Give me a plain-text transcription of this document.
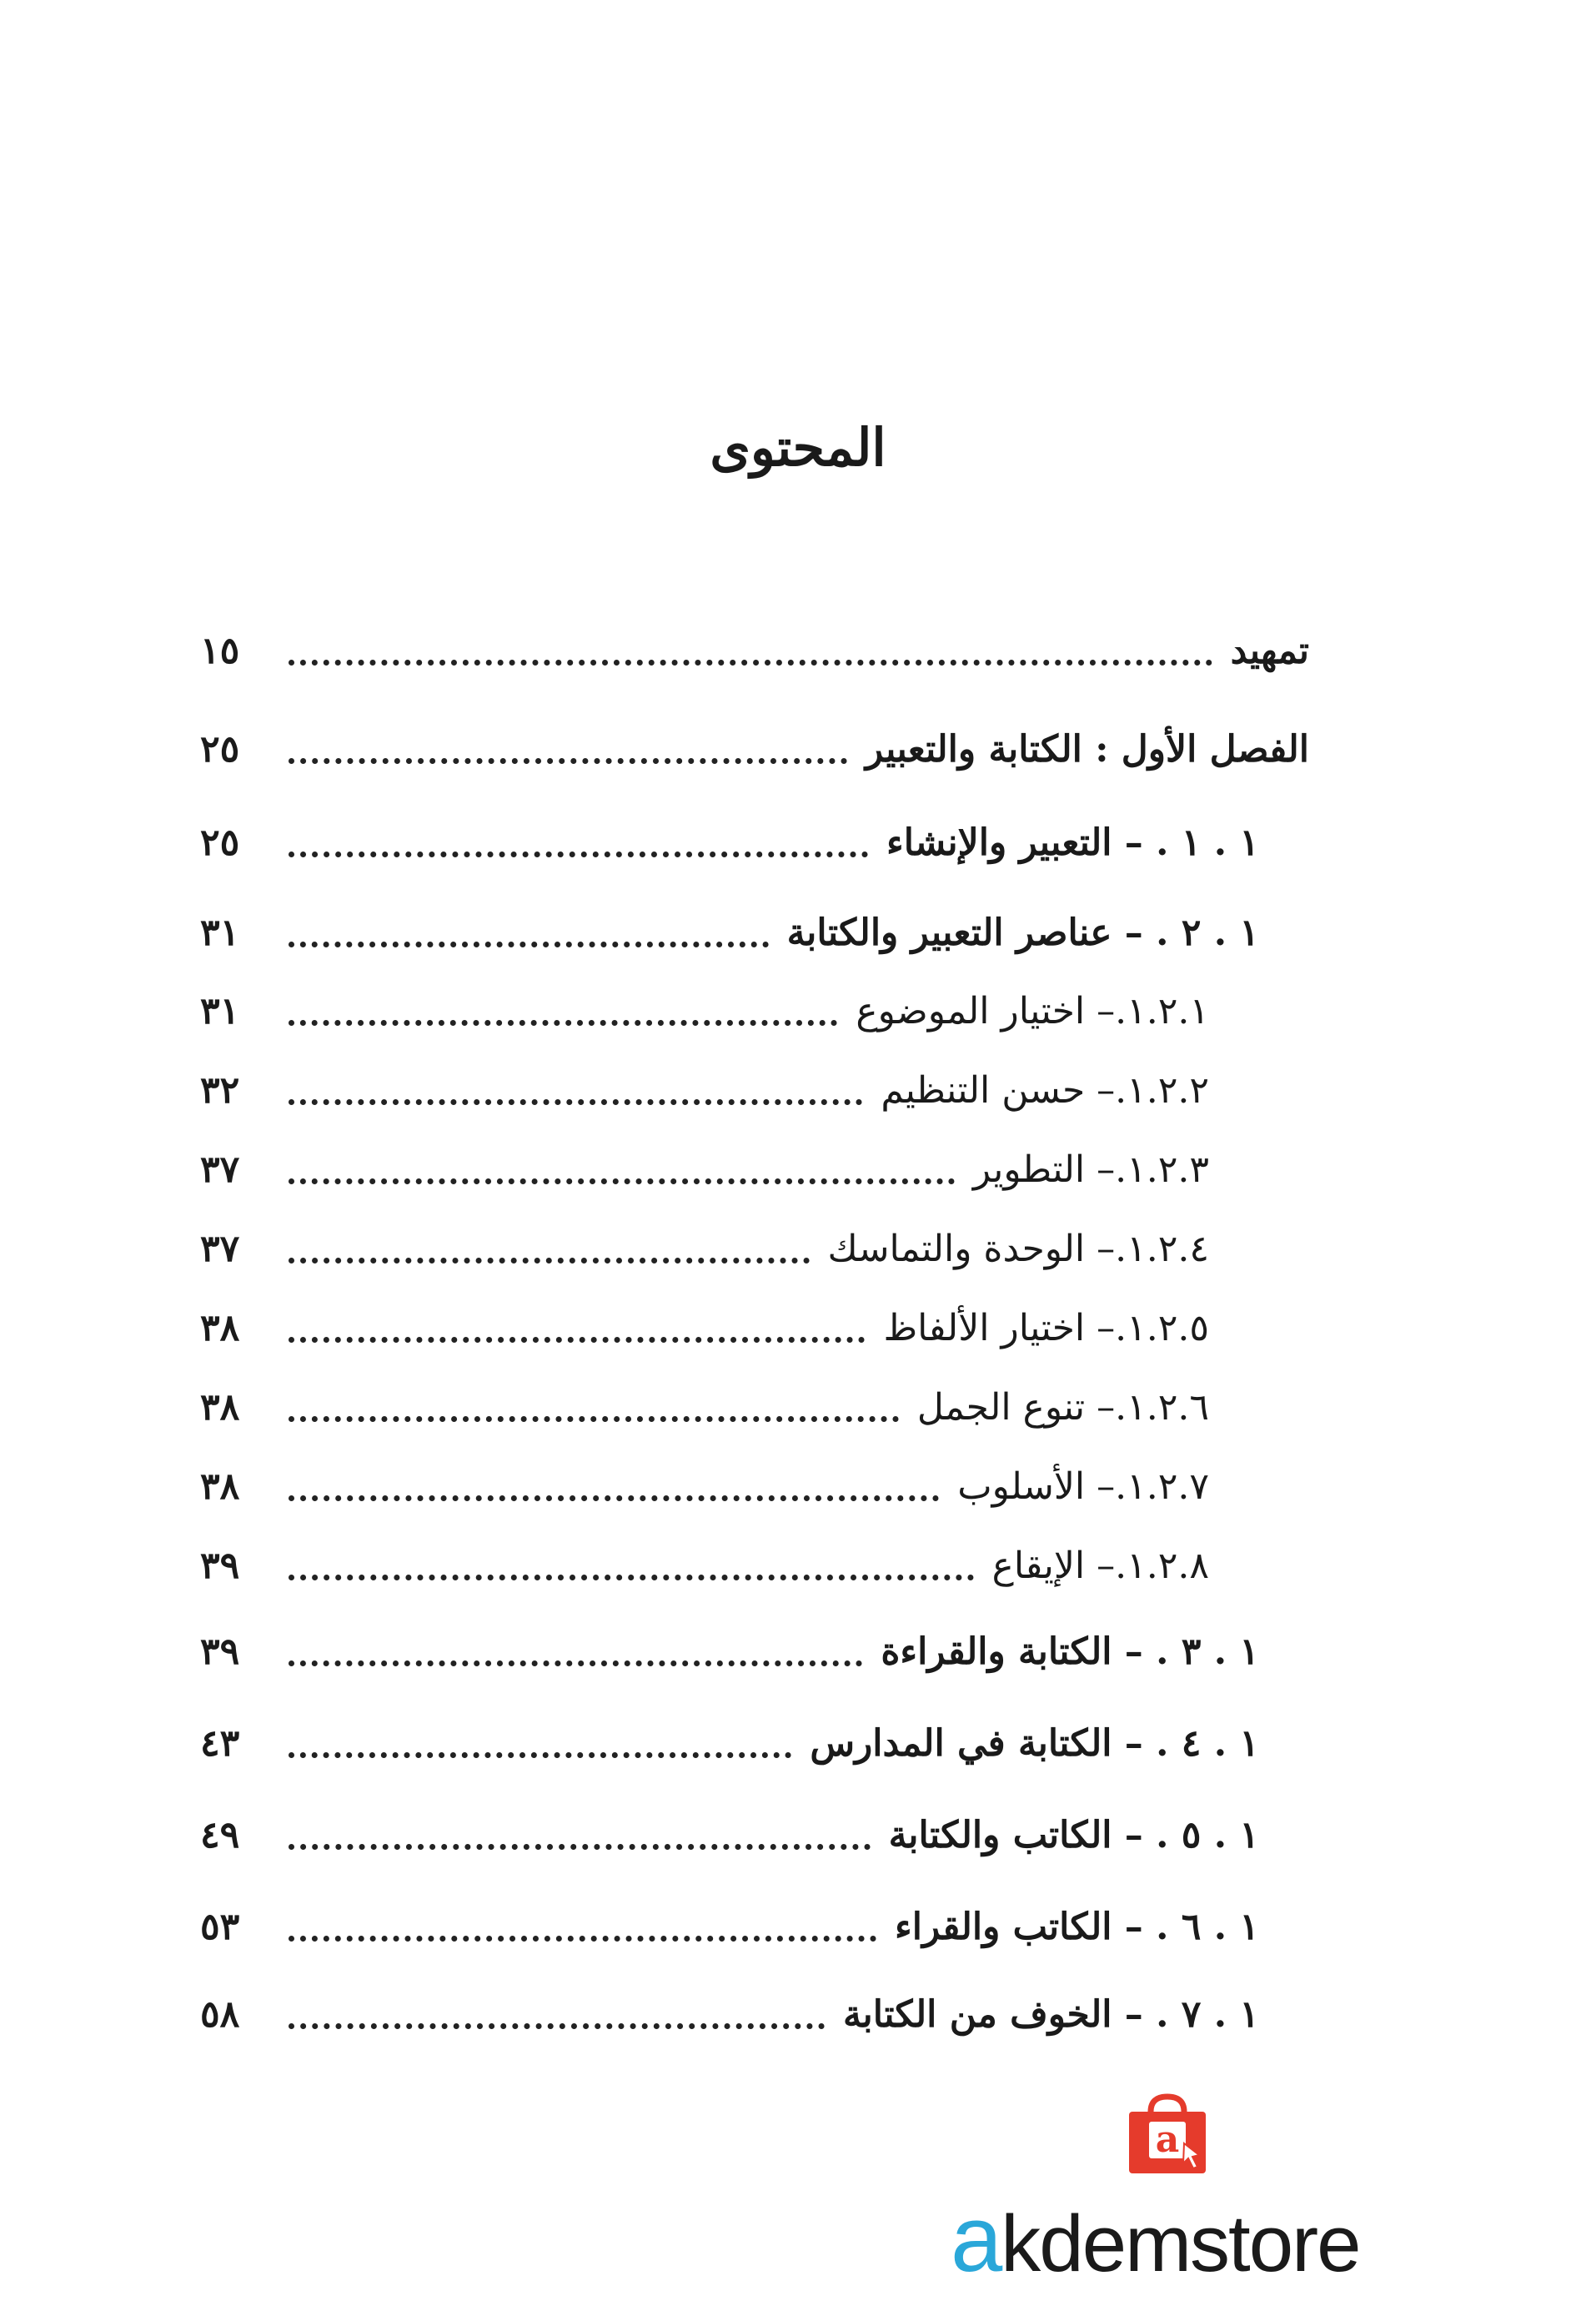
المحتوى
تمهيد
١٥
الفصل الأول : الكتابة والتعبير
٢٥
١ . ١ . – التعبير والإنشاء
٢٥
١ . ٢ . – عناصر التعبير والكتابة
٣١
١.٢.١.– اختيار الموضوع
٣١
١.٢.٢.– حسن التنظيم
٣٢
١.٢.٣.– التطوير
٣٧
١.٢.٤.– الوحدة والتماسك
٣٧
١.٢.٥.– اختيار الألفاظ
٣٨
١.٢.٦.– تنوع الجمل
٣٨
١.٢.٧.– الأسلوب
٣٨
١.٢.٨.– الإيقاع
٣٩
١ . ٣ . – الكتابة والقراءة
٣٩
١ . ٤ . – الكتابة في المدارس
٤٣
١ . ٥ . – الكاتب والكتابة
٤٩
١ . ٦ . – الكاتب والقراء
٥٣
١ . ٧ . – الخوف من الكتابة
٥٨
a
akdemstore
